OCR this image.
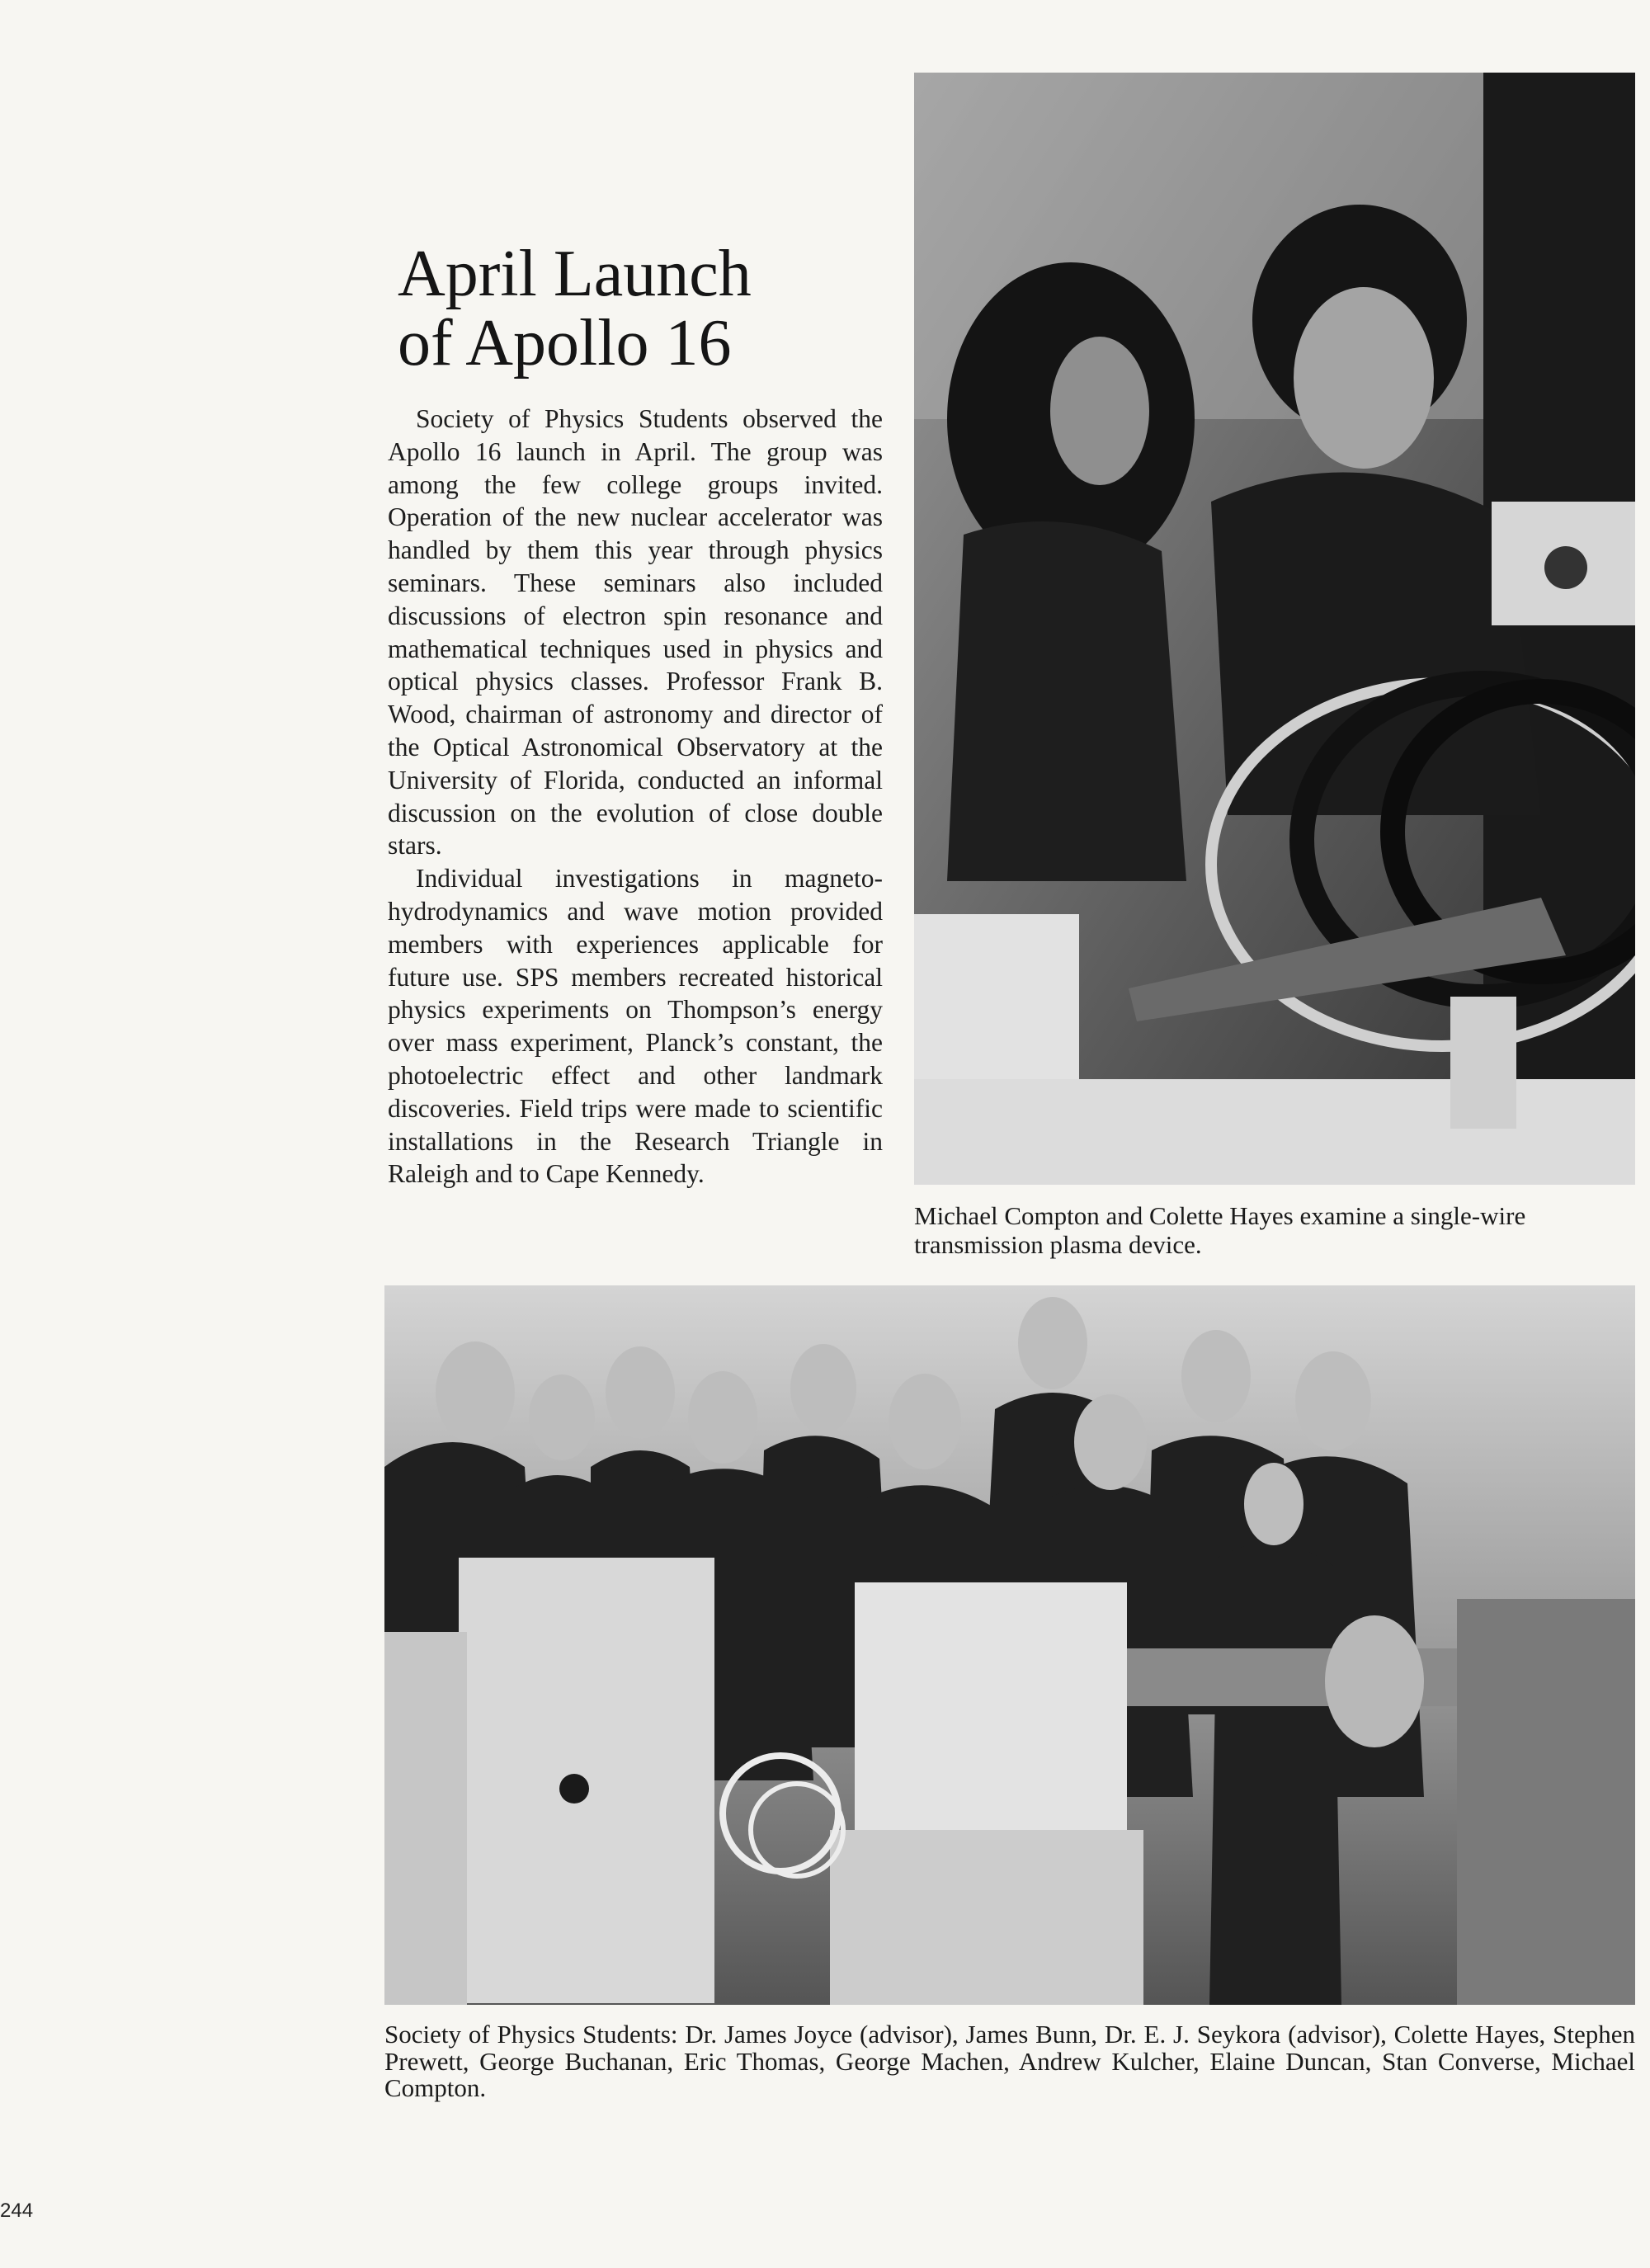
April Launch
of Apollo 16

Society of Physics Students observed the Apollo 16 launch in April. The group was among the few college groups invited. Operation of the new nuclear accelerator was handled by them this year through physics seminars. These seminars also included discussions of electron spin resonance and mathematical techniques used in physics and optical physics classes. Professor Frank B. Wood, chairman of astronomy and director of the Optical Astronomical Observatory at the University of Florida, conducted an informal discussion on the evolution of close double stars.

Individual investigations in magnetohydrodynamics and wave motion provided members with experiences applicable for future use. SPS members recreated historical physics experiments on Thompson’s energy over mass experiment, Planck’s constant, the photoelectric effect and other landmark discoveries. Field trips were made to scientific installations in the Research Triangle in Raleigh and to Cape Kennedy.

Michael Compton and Colette Hayes examine a single-wire transmission plasma device.
Society of Physics Students: Dr. James Joyce (advisor), James Bunn, Dr. E. J. Seykora (advisor), Colette Hayes, Stephen Prewett, George Buchanan, Eric Thomas, George Machen, Andrew Kulcher, Elaine Duncan, Stan Converse, Michael Compton.
244
